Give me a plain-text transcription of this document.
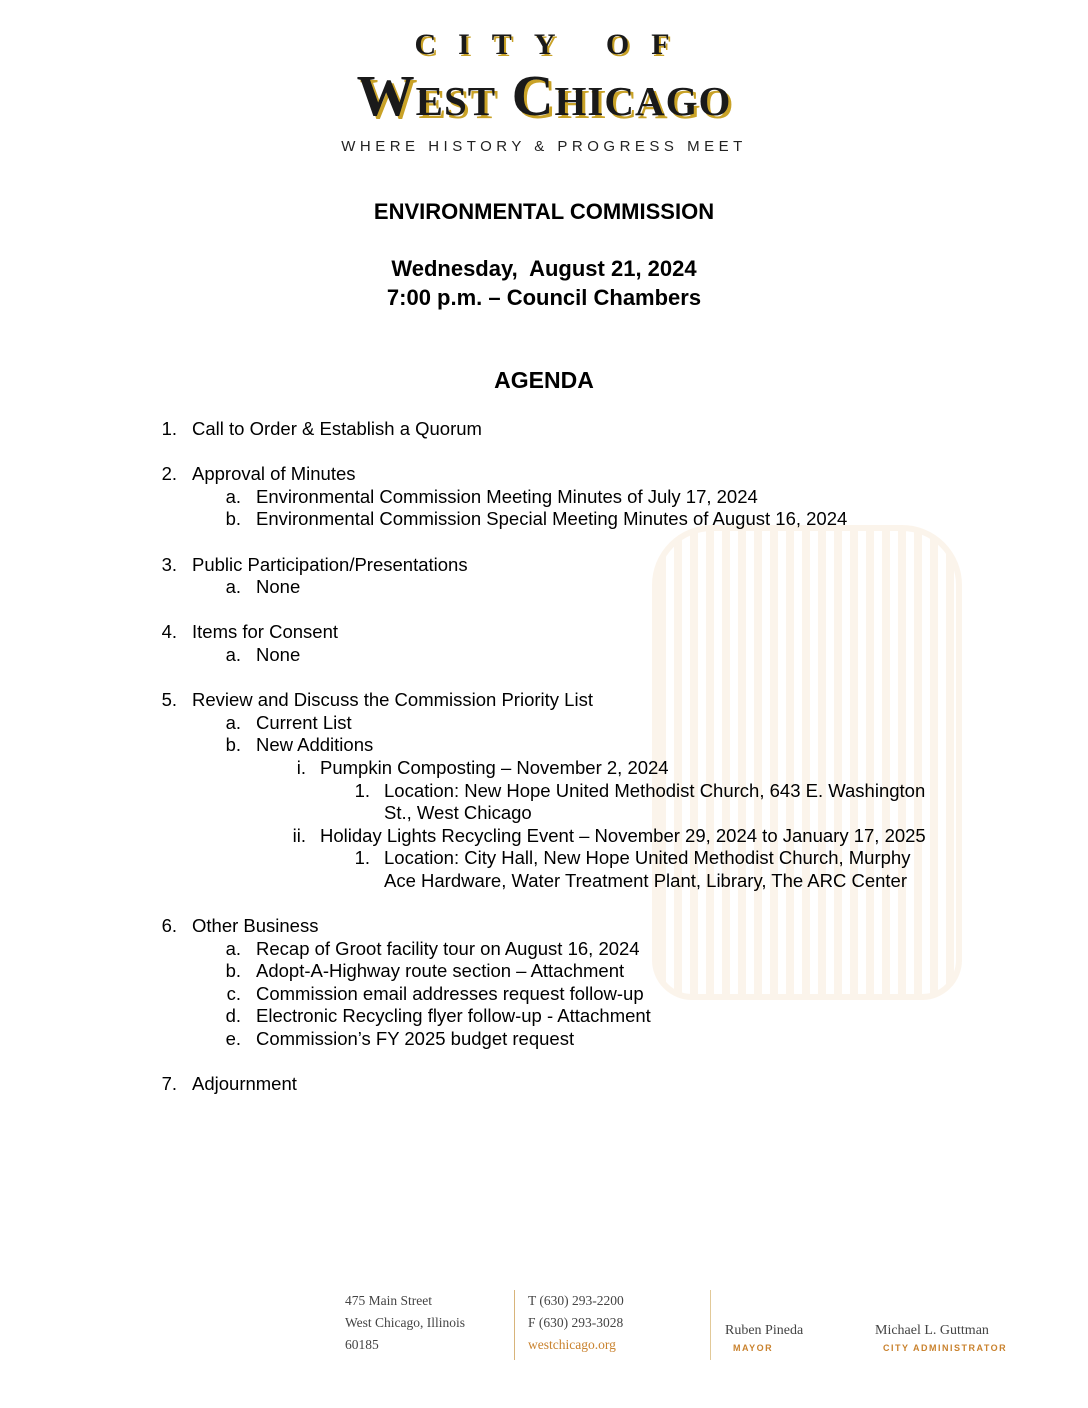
CITY OF
West Chicago
WHERE HISTORY & PROGRESS MEET
ENVIRONMENTAL COMMISSION
Wednesday,  August 21, 2024
7:00 p.m. – Council Chambers
AGENDA
1. Call to Order & Establish a Quorum
2. Approval of Minutes
a. Environmental Commission Meeting Minutes of July 17, 2024
b. Environmental Commission Special Meeting Minutes of August 16, 2024
3. Public Participation/Presentations
a. None
4. Items for Consent
a. None
5. Review and Discuss the Commission Priority List
a. Current List
b. New Additions
i. Pumpkin Composting – November 2, 2024
1. Location: New Hope United Methodist Church, 643 E. Washington
St., West Chicago
ii. Holiday Lights Recycling Event – November 29, 2024 to January 17, 2025
1. Location: City Hall, New Hope United Methodist Church, Murphy
Ace Hardware, Water Treatment Plant, Library, The ARC Center
6. Other Business
a. Recap of Groot facility tour on August 16, 2024
b. Adopt-A-Highway route section – Attachment
c. Commission email addresses request follow-up
d. Electronic Recycling flyer follow-up - Attachment
e. Commission’s FY 2025 budget request
7. Adjournment
475 Main Street
West Chicago, Illinois
60185
T (630) 293-2200
F (630) 293-3028
westchicago.org
Ruben Pineda
MAYOR
Michael L. Guttman
CITY ADMINISTRATOR
